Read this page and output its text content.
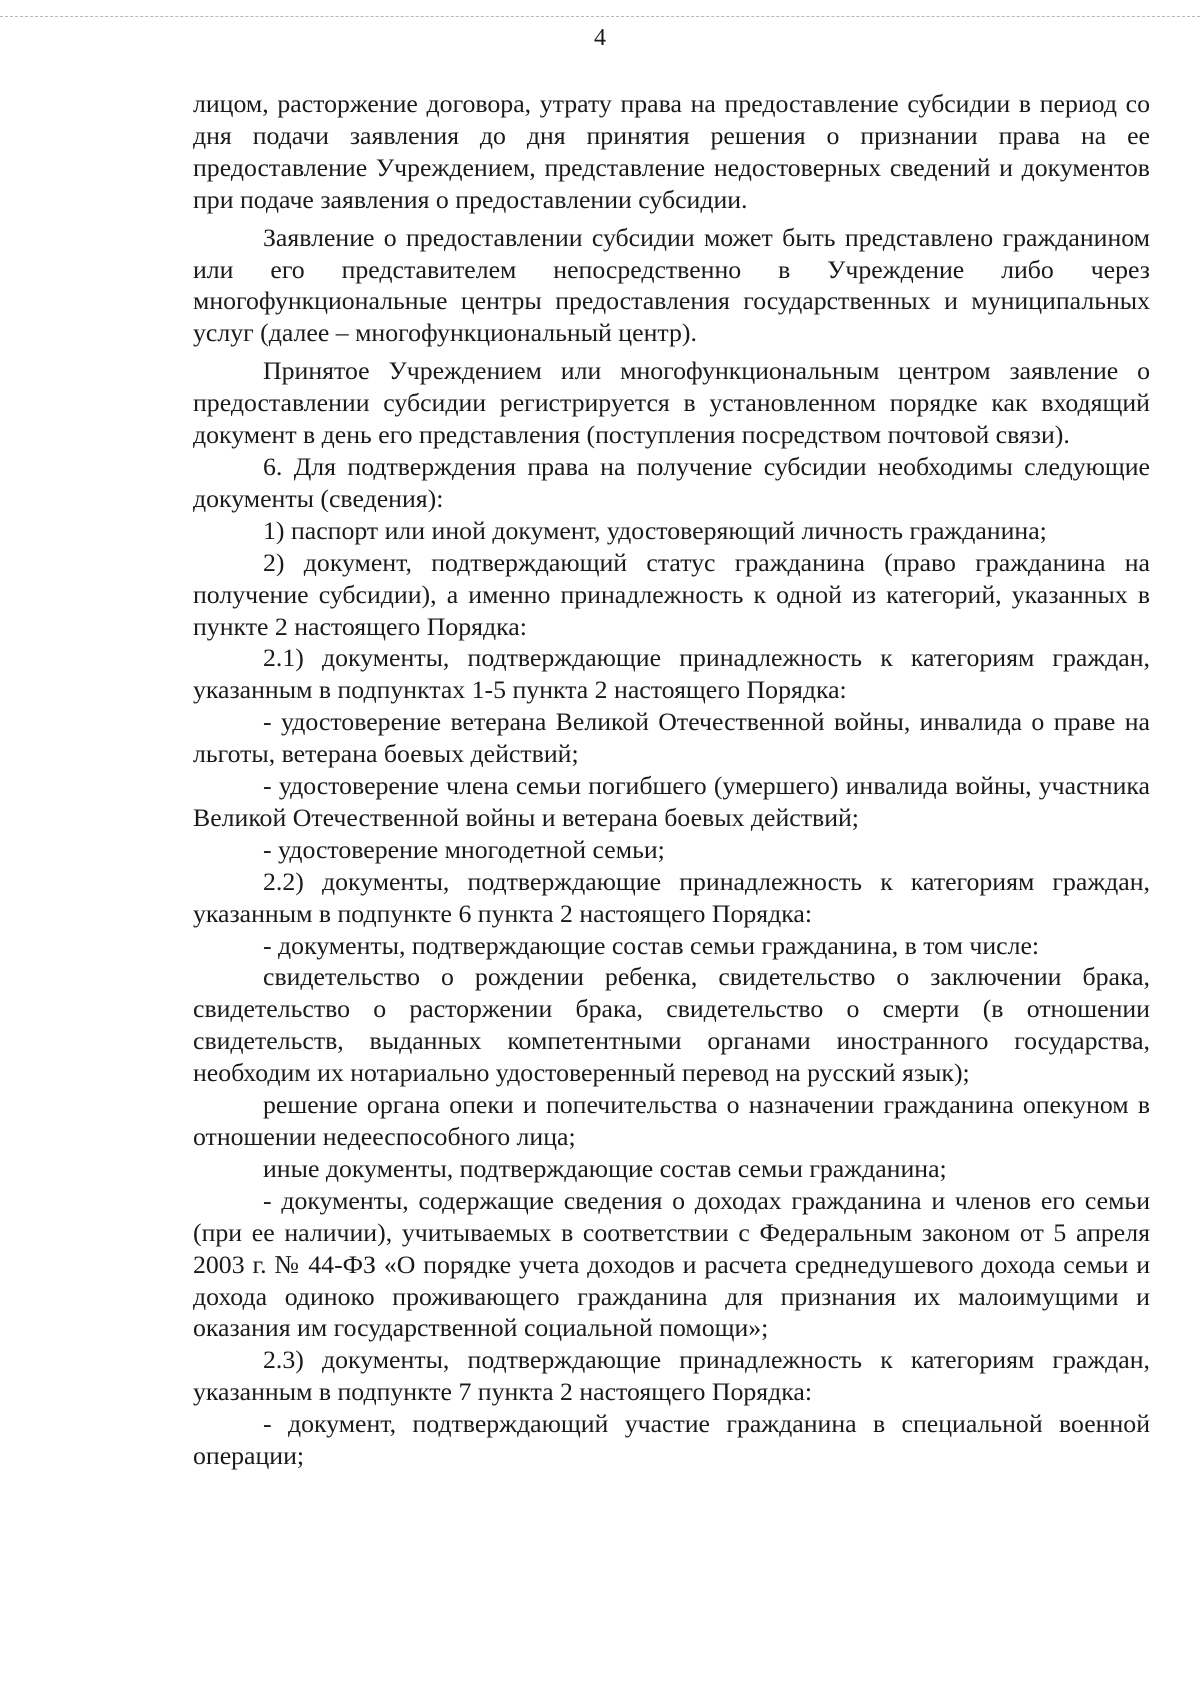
4

лицом, расторжение договора, утрату права на предоставление субсидии в период со дня подачи заявления до дня принятия решения о признании права на ее предоставление Учреждением, представление недостоверных сведений и документов при подаче заявления о предоставлении субсидии.

Заявление о предоставлении субсидии может быть представлено гражданином или его представителем непосредственно в Учреждение либо через многофункциональные центры предоставления государственных и муниципальных услуг (далее – многофункциональный центр).

Принятое Учреждением или многофункциональным центром заявление о предоставлении субсидии регистрируется в установленном порядке как входящий документ в день его представления (поступления посредством почтовой связи).

6. Для подтверждения права на получение субсидии необходимы следующие документы (сведения):

1) паспорт или иной документ, удостоверяющий личность гражданина;

2) документ, подтверждающий статус гражданина (право гражданина на получение субсидии), а именно принадлежность к одной из категорий, указанных в пункте 2 настоящего Порядка:

2.1) документы, подтверждающие принадлежность к категориям граждан, указанным в подпунктах 1-5 пункта 2 настоящего Порядка:

- удостоверение ветерана Великой Отечественной войны, инвалида о праве на льготы, ветерана боевых действий;

- удостоверение члена семьи погибшего (умершего) инвалида войны, участника Великой Отечественной войны и ветерана боевых действий;

- удостоверение многодетной семьи;

2.2) документы, подтверждающие принадлежность к категориям граждан, указанным в подпункте 6 пункта 2 настоящего Порядка:

- документы, подтверждающие состав семьи гражданина, в том числе:

свидетельство о рождении ребенка, свидетельство о заключении брака, свидетельство о расторжении брака, свидетельство о смерти (в отношении свидетельств, выданных компетентными органами иностранного государства, необходим их нотариально удостоверенный перевод на русский язык);

решение органа опеки и попечительства о назначении гражданина опекуном в отношении недееспособного лица;

иные документы, подтверждающие состав семьи гражданина;

- документы, содержащие сведения о доходах гражданина и членов его семьи (при ее наличии), учитываемых в соответствии с Федеральным законом от 5 апреля 2003 г. № 44-ФЗ «О порядке учета доходов и расчета среднедушевого дохода семьи и дохода одиноко проживающего гражданина для признания их малоимущими и оказания им государственной социальной помощи»;

2.3) документы, подтверждающие принадлежность к категориям граждан, указанным в подпункте 7 пункта 2 настоящего Порядка:

- документ, подтверждающий участие гражданина в специальной военной операции;
